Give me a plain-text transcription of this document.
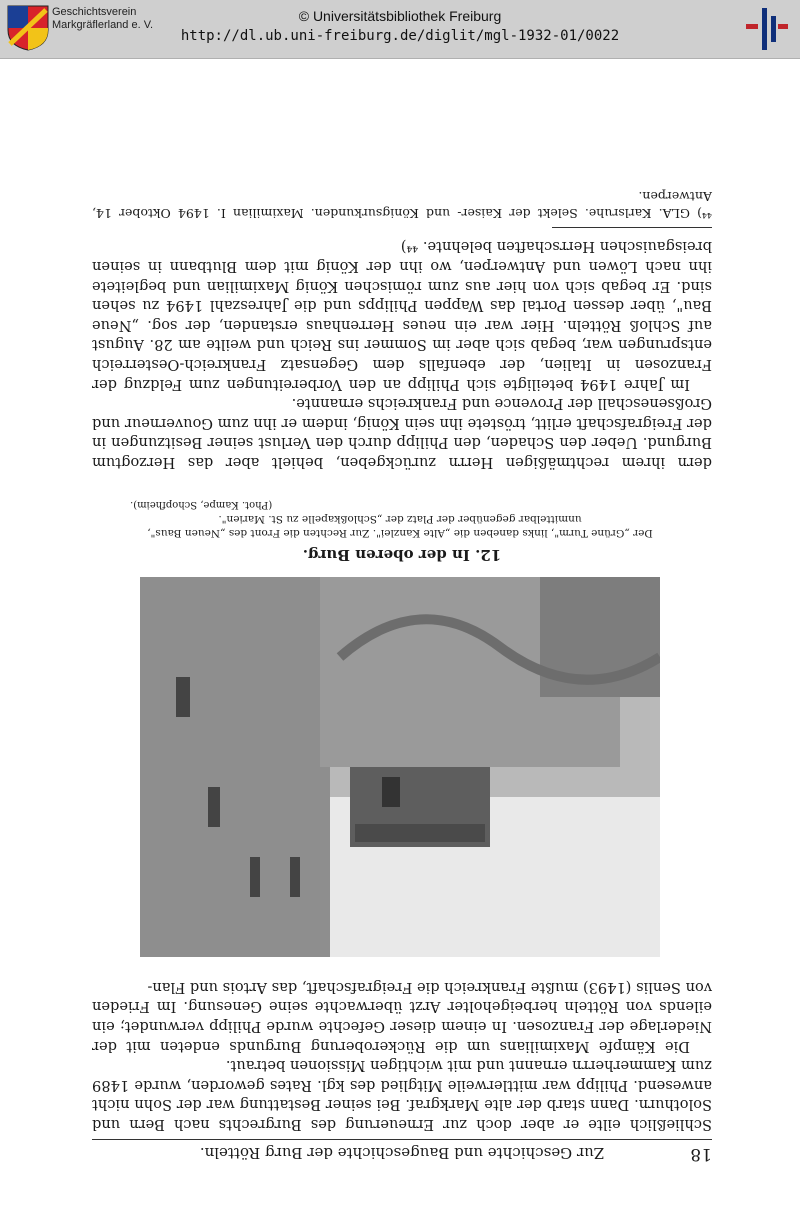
Geschichtsverein
Markgräflerland e. V.
© Universitätsbibliothek Freiburg
http://dl.ub.uni-freiburg.de/diglit/mgl-1932-01/0022
18
Zur Geschichte und Baugeschichte der Burg Rötteln.

Schließlich eilte er aber doch zur Erneuerung des Burgrechts nach Bern und Solothurn. Dann starb der alte Markgraf. Bei seiner Bestattung war der Sohn nicht anwesend. Philipp war mittlerweile Mitglied des kgl. Rates geworden, wurde 1489 zum Kammerherrn ernannt und mit wichtigen Missionen betraut.

Die Kämpfe Maximilians um die Rückeroberung Burgunds endeten mit der Niederlage der Franzosen. In einem dieser Gefechte wurde Philipp verwundet; ein eilends von Rötteln herbeigeholter Arzt überwachte seine Genesung. Im Frieden von Senlis (1493) mußte Frankreich die Freigrafschaft, das Artois und Flan-

12. In der oberen Burg.
Der „Grüne Turm", links daneben die „Alte Kanzlei". Zur Rechten die Front des „Neuen Baus", unmittelbar gegenüber der Platz der „Schloßkapelle zu St. Marien".
(Phot. Kampe, Schopfheim).

dern ihrem rechtmäßigen Herrn zurückgeben, behielt aber das Herzogtum Burgund. Ueber den Schaden, den Philipp durch den Verlust seiner Besitzungen in der Freigrafschaft erlitt, tröstete ihn sein König, indem er ihn zum Gouverneur und Großseneschall der Provence und Frankreichs ernannte.

Im Jahre 1494 beteiligte sich Philipp an den Vorbereitungen zum Feldzug der Franzosen in Italien, der ebenfalls dem Gegensatz Frankreich-Oesterreich entsprungen war, begab sich aber im Sommer ins Reich und weilte am 28. August auf Schloß Rötteln. Hier war ein neues Herrenhaus erstanden, der sog. „Neue Bau", über dessen Portal das Wappen Philipps und die Jahreszahl 1494 zu sehen sind. Er begab sich von hier aus zum römischen König Maximilian und begleitete ihn nach Löwen und Antwerpen, wo ihn der König mit dem Blutbann in seinen breisgauischen Herrschaften belehnte. ⁴⁴)

⁴⁴) GLA. Karlsruhe. Selekt der Kaiser- und Königsurkunden. Maximilian I. 1494 Oktober 14, Antwerpen.
